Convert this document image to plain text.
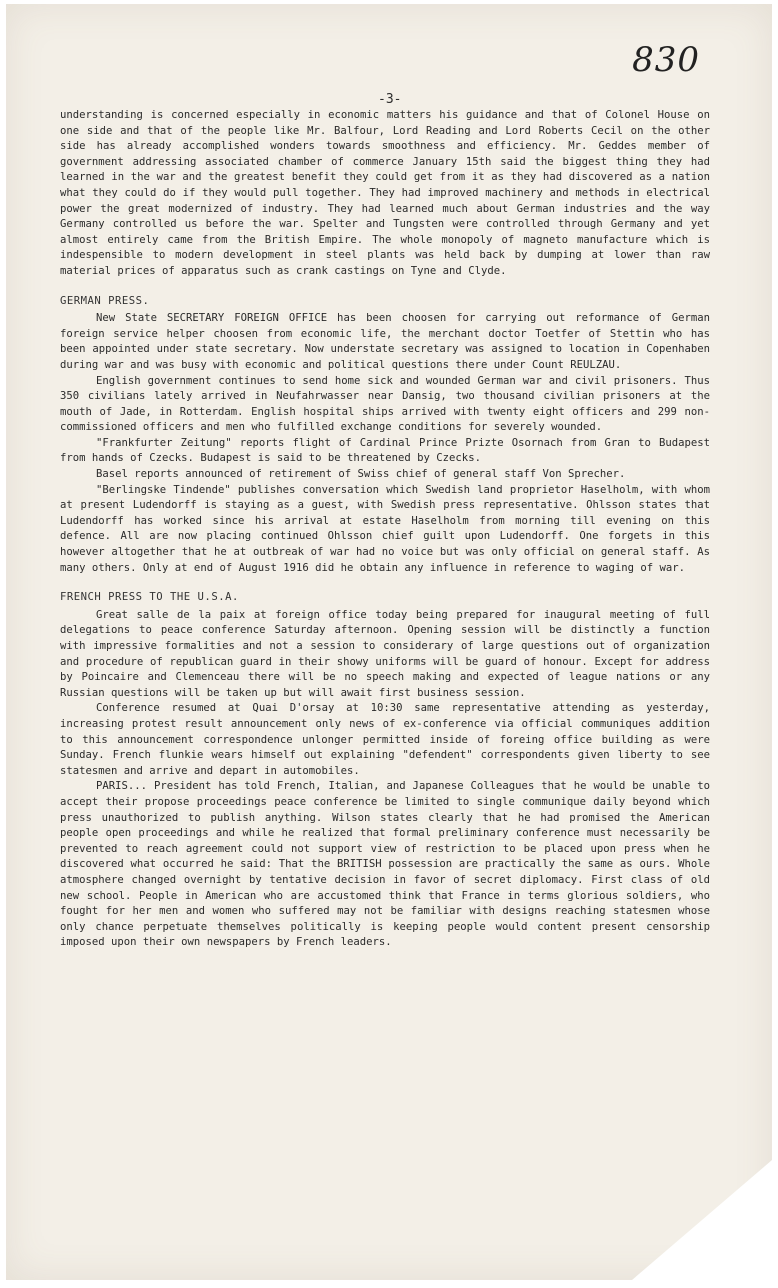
830
-3-

understanding is concerned especially in economic matters his guidance and that of Colonel House on one side and that of the people like Mr. Balfour, Lord Reading and Lord Roberts Cecil on the other side has already accomplished wonders towards smoothness and efficiency. Mr. Geddes member of government addressing associated chamber of commerce January 15th said the biggest thing they had learned in the war and the greatest benefit they could get from it as they had discovered as a nation what they could do if they would pull together. They had improved machinery and methods in electrical power the great modernized of industry. They had learned much about German industries and the way Germany controlled us before the war. Spelter and Tungsten were controlled through Germany and yet almost entirely came from the British Empire. The whole monopoly of magneto manufacture which is indespensible to modern development in steel plants was held back by dumping at lower than raw material prices of apparatus such as crank castings on Tyne and Clyde.

GERMAN PRESS.

New State SECRETARY FOREIGN OFFICE has been choosen for carrying out reformance of German foreign service helper choosen from economic life, the merchant doctor Toetfer of Stettin who has been appointed under state secretary. Now understate secretary was assigned to location in Copenhaben during war and was busy with economic and political questions there under Count REULZAU.

English government continues to send home sick and wounded German war and civil prisoners. Thus 350 civilians lately arrived in Neufahrwasser near Dansig, two thousand civilian prisoners at the mouth of Jade, in Rotterdam. English hospital ships arrived with twenty eight officers and 299 non-commissioned officers and men who fulfilled exchange conditions for severely wounded.

"Frankfurter Zeitung" reports flight of Cardinal Prince Prizte Osornach from Gran to Budapest from hands of Czecks. Budapest is said to be threatened by Czecks.

Basel reports announced of retirement of Swiss chief of general staff Von Sprecher.

"Berlingske Tindende" publishes conversation which Swedish land proprietor Haselholm, with whom at present Ludendorff is staying as a guest, with Swedish press representative. Ohlsson states that Ludendorff has worked since his arrival at estate Haselholm from morning till evening on this defence. All are now placing continued Ohlsson chief guilt upon Ludendorff. One forgets in this however altogether that he at outbreak of war had no voice but was only official on general staff. As many others. Only at end of August 1916 did he obtain any influence in reference to waging of war.

FRENCH PRESS TO THE U.S.A.

Great salle de la paix at foreign office today being prepared for inaugural meeting of full delegations to peace conference Saturday afternoon. Opening session will be distinctly a function with impressive formalities and not a session to considerary of large questions out of organization and procedure of republican guard in their showy uniforms will be guard of honour. Except for address by Poincaire and Clemenceau there will be no speech making and expected of league nations or any Russian questions will be taken up but will await first business session.

Conference resumed at Quai D'orsay at 10:30 same representative attending as yesterday, increasing protest result announcement only news of ex-conference via official communiques addition to this announcement correspondence unlonger permitted inside of foreing office building as were Sunday. French flunkie wears himself out explaining "defendent" correspondents given liberty to see statesmen and arrive and depart in automobiles.

PARIS... President has told French, Italian, and Japanese Colleagues that he would be unable to accept their propose proceedings peace conference be limited to single communique daily beyond which press unauthorized to publish anything. Wilson states clearly that he had promised the American people open proceedings and while he realized that formal preliminary conference must necessarily be prevented to reach agreement could not support view of restriction to be placed upon press when he discovered what occurred he said: That the BRITISH possession are practically the same as ours. Whole atmosphere changed overnight by tentative decision in favor of secret diplomacy. First class of old new school. People in American who are accustomed think that France in terms glorious soldiers, who fought for her men and women who suffered may not be familiar with designs reaching statesmen whose only chance perpetuate themselves politically is keeping people would content present censorship imposed upon their own newspapers by French leaders.
